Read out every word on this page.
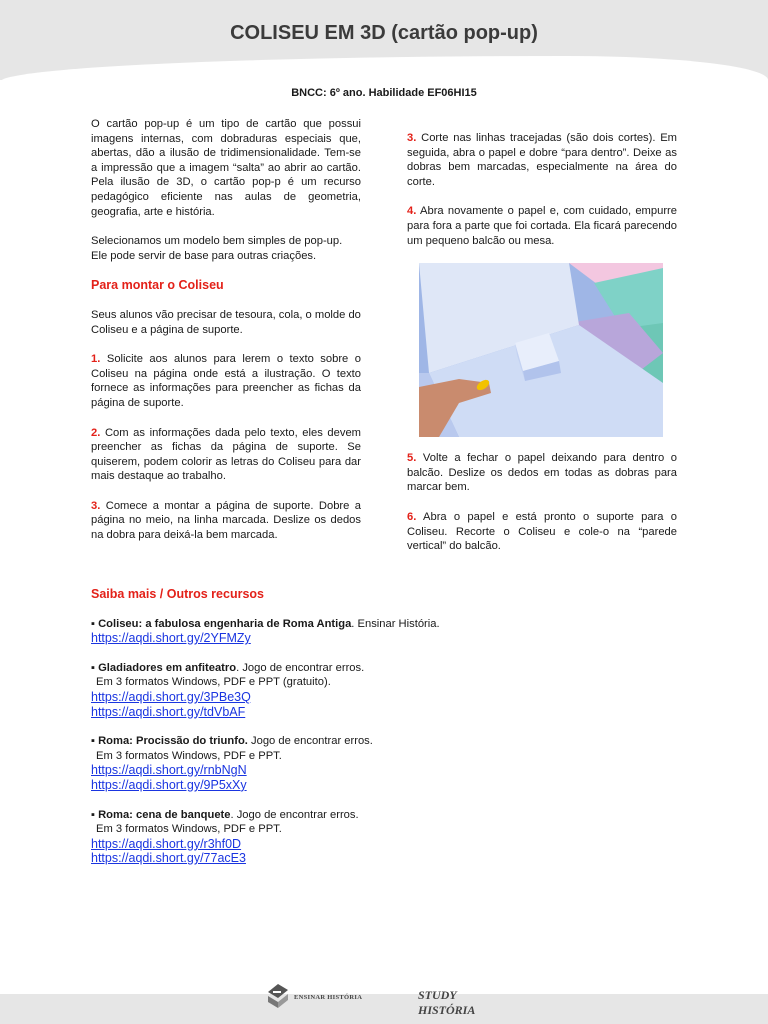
COLISEU EM 3D (cartão pop-up)

BNCC: 6º ano. Habilidade EF06HI15

O cartão pop-up é um tipo de cartão que possui imagens internas, com dobraduras especiais que, abertas, dão a ilusão de tridimensionalidade. Tem-se a impressão que a imagem “salta” ao abrir ao cartão. Pela ilusão de 3D, o cartão pop-p é um recurso pedagógico eficiente nas aulas de geometria, geografia, arte e história.

Selecionamos um modelo bem simples de pop-up. Ele pode servir de base para outras criações.

Para montar o Coliseu

Seus alunos vão precisar de tesoura, cola, o molde do Coliseu e a página de suporte.

1. Solicite aos alunos para lerem o texto sobre o Coliseu na página onde está a ilustração. O texto fornece as informações para preencher as fichas da página de suporte.

2. Com as informações dada pelo texto, eles devem preencher as fichas da página de suporte. Se quiserem, podem colorir as letras do Coliseu para dar mais destaque ao trabalho.

3. Comece a montar a página de suporte. Dobre a página no meio, na linha marcada. Deslize os dedos na dobra para deixá-la bem marcada.

3. Corte nas linhas tracejadas (são dois cortes). Em seguida, abra o papel e dobre “para dentro”. Deixe as dobras bem marcadas, especialmente na área do corte.

4. Abra novamente o papel e, com cuidado, empurre para fora a parte que foi cortada. Ela ficará parecendo um pequeno balcão ou mesa.

5. Volte a fechar o papel deixando para dentro o balcão. Deslize os dedos em todas as dobras para marcar bem.

6. Abra o papel e está pronto o suporte para o Coliseu. Recorte o Coliseu e cole-o na “parede vertical” do balcão.

Saiba mais / Outros recursos

▪ Coliseu: a fabulosa engenharia de Roma Antiga. Ensinar História.
https://aqdi.short.gy/2YFMZy
▪ Gladiadores em anfiteatro. Jogo de encontrar erros.
Em 3 formatos Windows, PDF e PPT (gratuito).
https://aqdi.short.gy/3PBe3Q
https://aqdi.short.gy/tdVbAF
▪ Roma: Procissão do triunfo. Jogo de encontrar erros.
Em 3 formatos Windows, PDF e PPT.
https://aqdi.short.gy/rnbNgN
https://aqdi.short.gy/9P5xXy
▪ Roma: cena de banquete. Jogo de encontrar erros.
Em 3 formatos Windows, PDF e PPT.
https://aqdi.short.gy/r3hf0D
https://aqdi.short.gy/77acE3
ENSINAR HISTÓRIA	STUDY HISTÓRIA
